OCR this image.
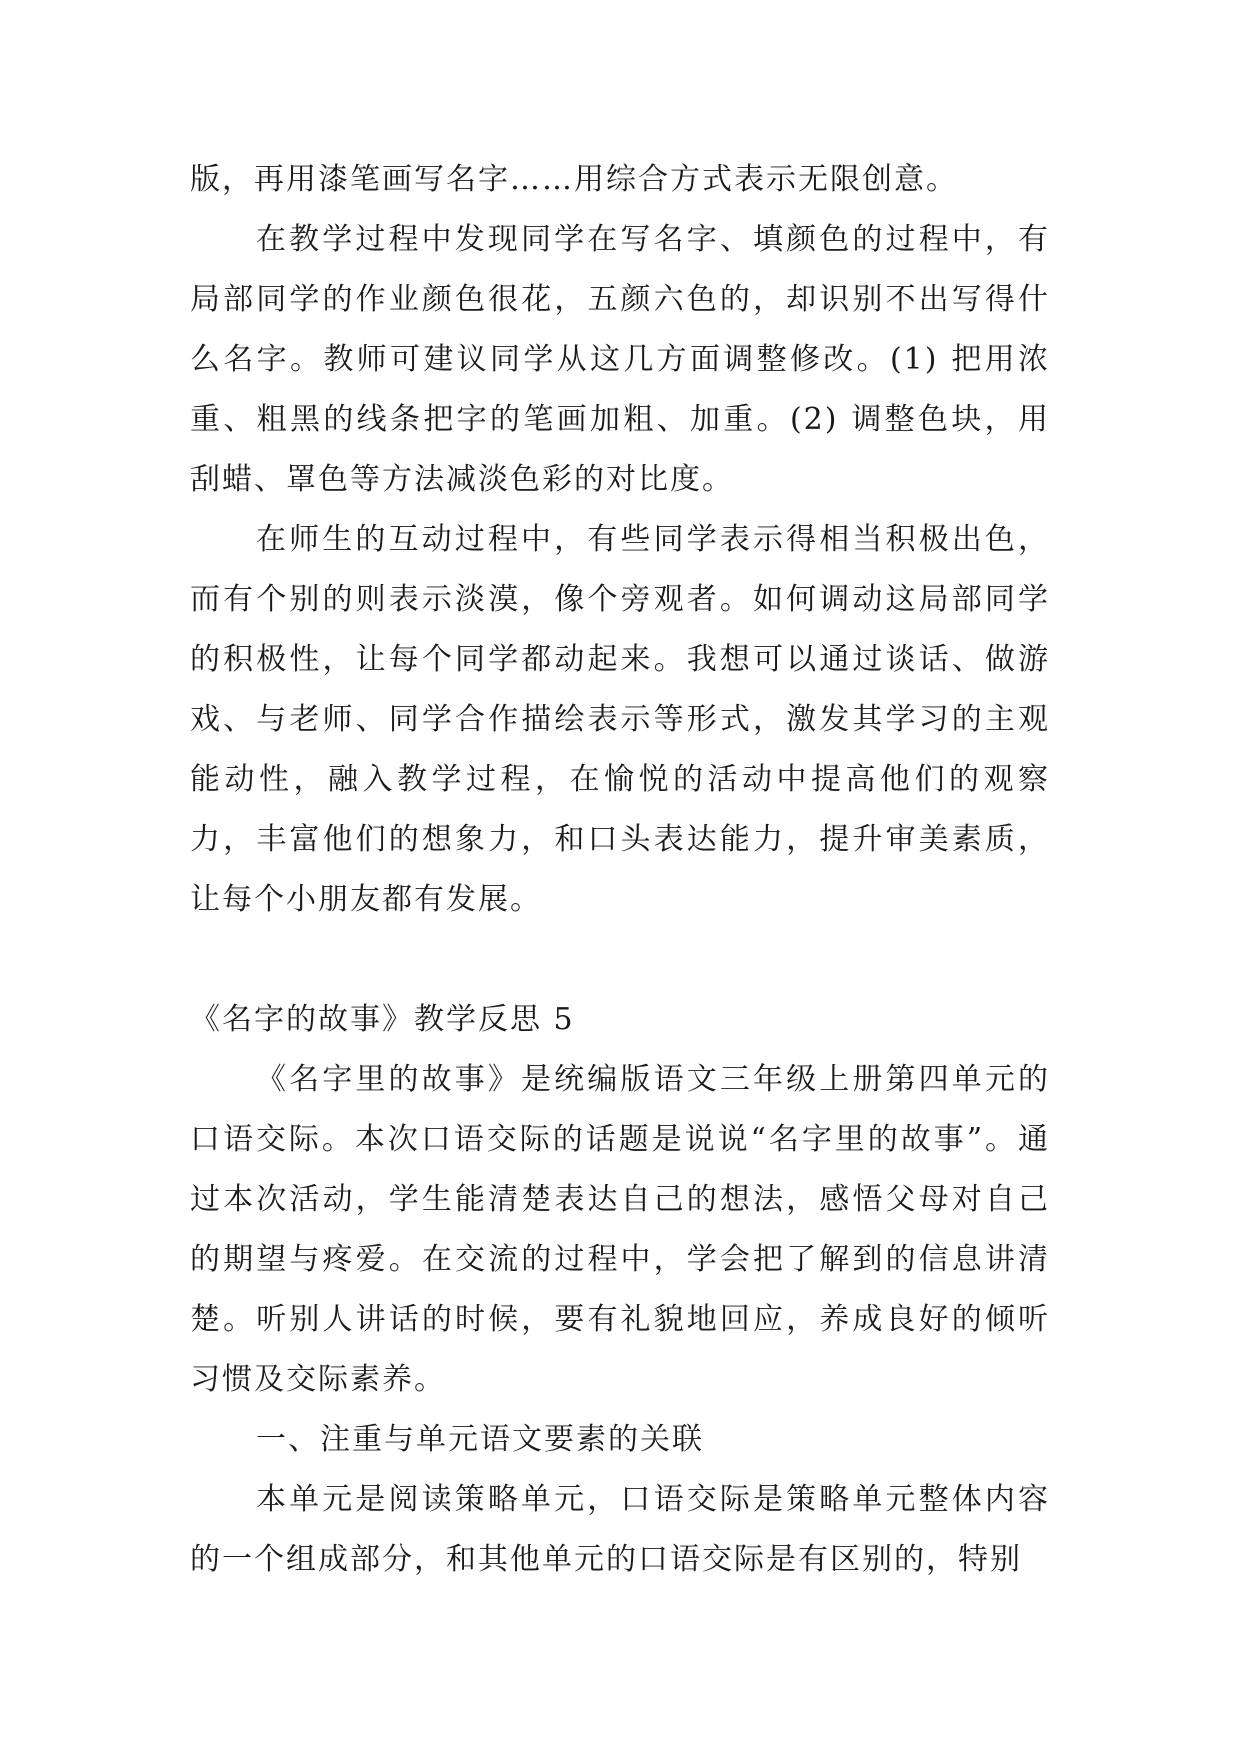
版，再用漆笔画写名字……用综合方式表示无限创意。

在教学过程中发现同学在写名字、填颜色的过程中，有局部同学的作业颜色很花，五颜六色的，却识别不出写得什么名字。教师可建议同学从这几方面调整修改。(1) 把用浓重、粗黑的线条把字的笔画加粗、加重。(2) 调整色块，用刮蜡、罩色等方法减淡色彩的对比度。

在师生的互动过程中，有些同学表示得相当积极出色，而有个别的则表示淡漠，像个旁观者。如何调动这局部同学的积极性，让每个同学都动起来。我想可以通过谈话、做游戏、与老师、同学合作描绘表示等形式，激发其学习的主观能动性，融入教学过程，在愉悦的活动中提高他们的观察力，丰富他们的想象力，和口头表达能力，提升审美素质，让每个小朋友都有发展。

《名字的故事》教学反思 5

《名字里的故事》是统编版语文三年级上册第四单元的口语交际。本次口语交际的话题是说说“名字里的故事”。通过本次活动，学生能清楚表达自己的想法，感悟父母对自己的期望与疼爱。在交流的过程中，学会把了解到的信息讲清楚。听别人讲话的时候，要有礼貌地回应，养成良好的倾听习惯及交际素养。

一、注重与单元语文要素的关联

本单元是阅读策略单元，口语交际是策略单元整体内容的一个组成部分，和其他单元的口语交际是有区别的，特别
